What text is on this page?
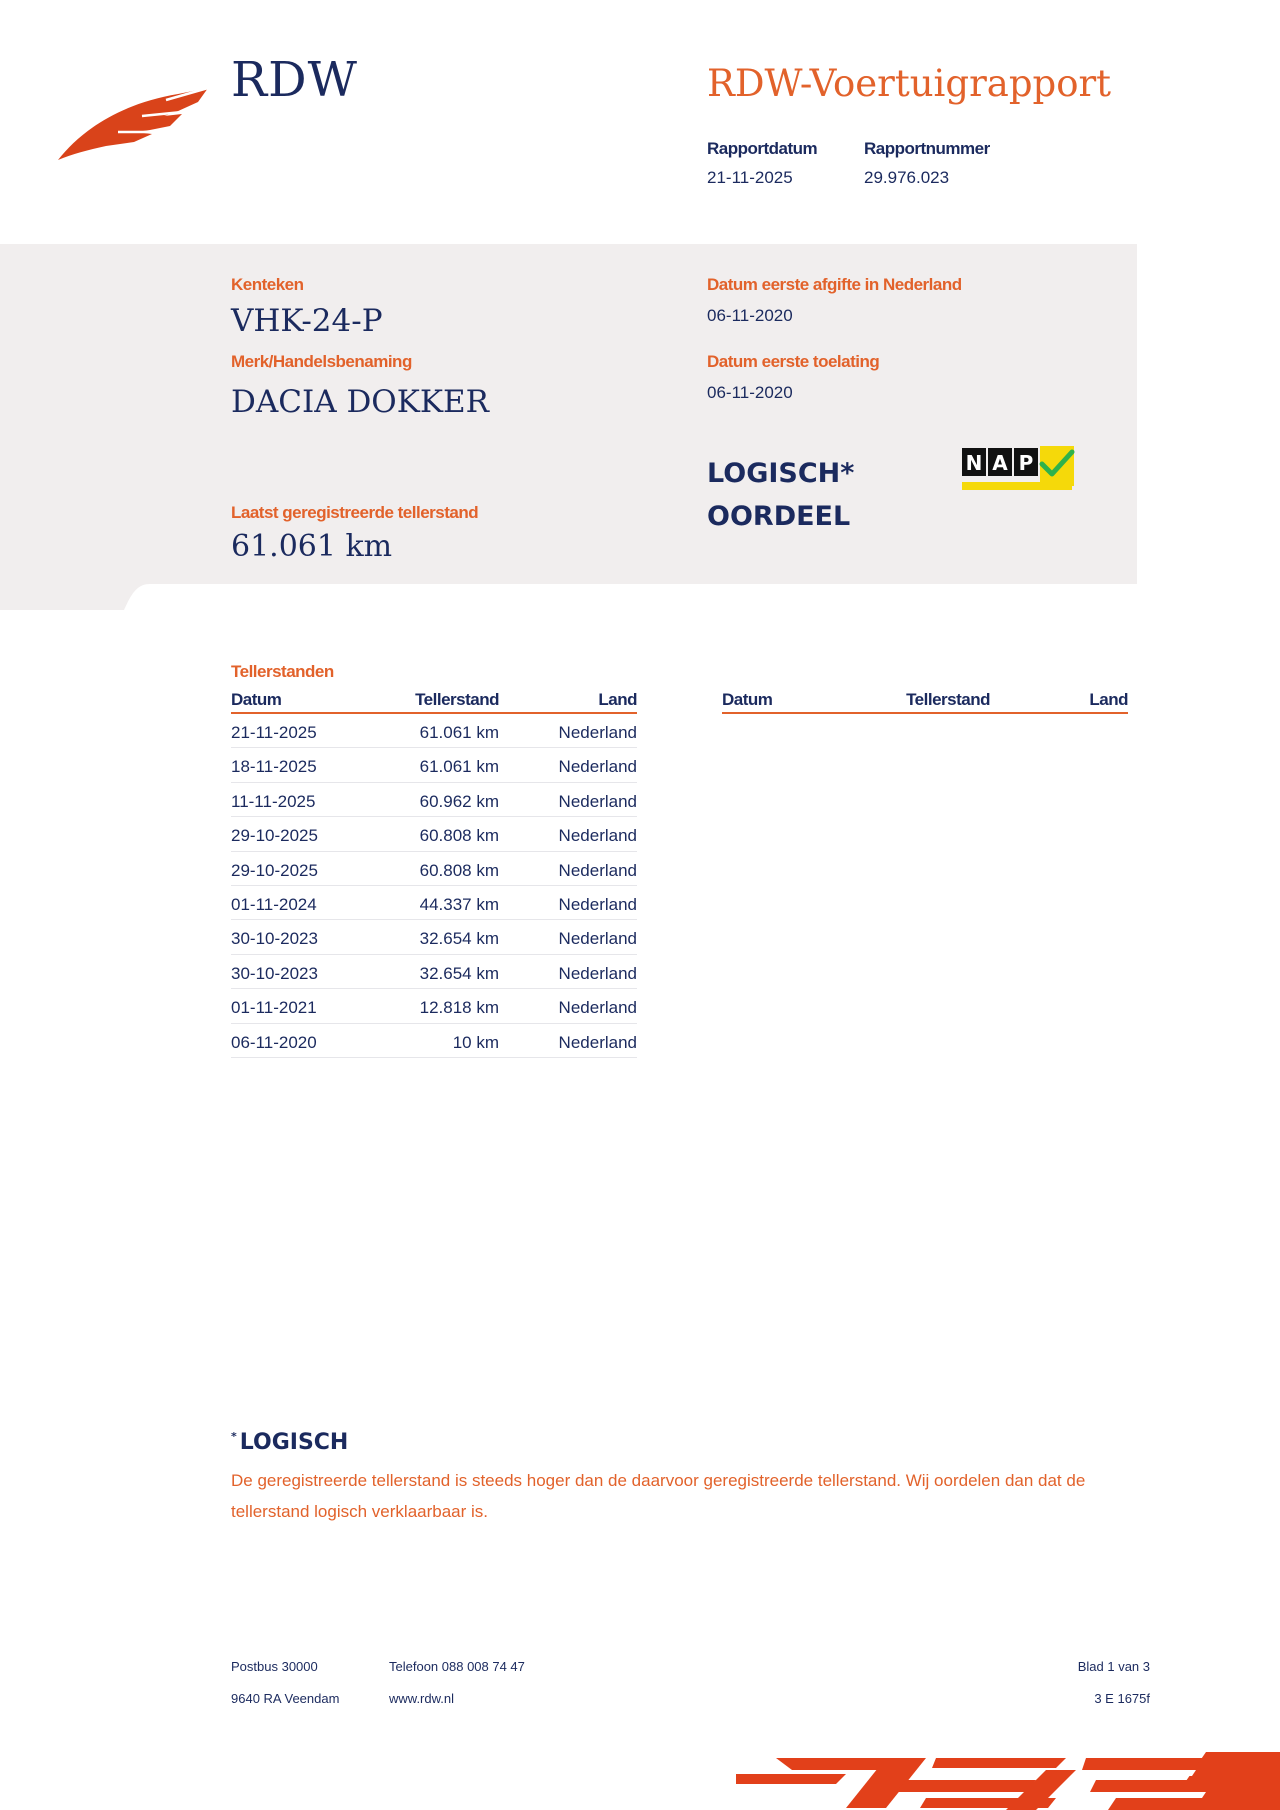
RDW	RDW-Voertuigrapport
Rapportdatum
21-11-2025
Rapportnummer
29.976.023
Kenteken
VHK-24-P
Merk/Handelsbenaming
DACIA DOKKER
Datum eerste afgifte in Nederland
06-11-2020
Datum eerste toelating
06-11-2020
Laatst geregistreerde tellerstand
61.061 km
LOGISCH*
OORDEEL
N A P
Tellerstanden
Datum	Tellerstand	Land
21-11-2025	61.061 km	Nederland
18-11-2025	61.061 km	Nederland
11-11-2025	60.962 km	Nederland
29-10-2025	60.808 km	Nederland
29-10-2025	60.808 km	Nederland
01-11-2024	44.337 km	Nederland
30-10-2023	32.654 km	Nederland
30-10-2023	32.654 km	Nederland
01-11-2021	12.818 km	Nederland
06-11-2020	10 km	Nederland
Datum	Tellerstand	Land
* LOGISCH
De geregistreerde tellerstand is steeds hoger dan de daarvoor geregistreerde tellerstand. Wij oordelen dan dat de tellerstand logisch verklaarbaar is.
Postbus 30000
9640 RA Veendam
Telefoon 088 008 74 47
www.rdw.nl
Blad 1 van 3
3 E 1675f
